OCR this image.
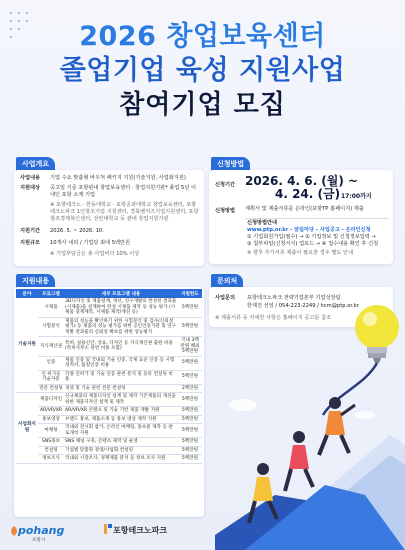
2026 창업보육센터
졸업기업 육성 지원사업
참여기업 모집
사업개요
사업내용	기업 수요 맞춤형 바우처 패키지 지원(기술지원, 사업화지원)
지원대상	공고일 기준 포항관내 창업보육센터 · 창업지원기관* 졸업 5년 이내인 포항 소재 기업
※ 포항테크노 · 한동대학교 · 포항공과대학교 창업보육센터, 포항테크노파크 1인창조기업 지원센터, 경북벤처즈기업지원센터, 포항창조경제혁신센터, 선린대학교 등 관내 창업지원기관
지원기간	2026. 5. ~ 2026. 10.
지원규모	10개사 내외 / 기업당 최대 5백만원
※ 기업부담금은 총 사업비의 10% 이상
신청방법
신청기간 2026. 4. 6. (월) ~
4. 24. (금) 17:00까지
신청방법 계획서 및 제출서류를 온라인(포항TP 홈페이지) 제출
신청방법안내
www.ptp.or.kr - 알림마당 - 사업공고 - 온라인신청
① 기업회원가입(필수) → ② 기업정보 및 신청정보입력 →
③ 첨부파일(신청서식) 업로드 → ④ 접수내용 확인 후 신청
※ 향후 추가서류 제출이 필요한 경우 별도 안내
지원내용
분야	프로그램	세부 프로그램 내용	지원한도
기술지원	시제품	3D디자인 및 제품설계, 개선, 연구개발의 완성된 결과물(시제품)을 설계하여 완성 시제품 제작 등 성능 평가 (시제품 설계제작, 시제품 제작/개선 등)	5백만원
	시험분석	제품의 성능을 확인하기 위한 시험분석 및 검사(신뢰성 평가) 등 제품의 성능 평가를 위한 공인인증기관 및 연구개발 결과물의 신뢰성 확보를 위한 성능평가	5백만원
	지식재산권	특허, 실용신안, 상표, 디자인 등 지식재산권 출원 비용(특허사무소 관련 비용 포함)	국내 3백만원 해외 5백만원
	인증	제품 인증 및 국내외 기술 인증, 국제 표준 인증 등 시험성적서, 품질인증 비용	5백만원
	인·허가등 기술자문	각종 인허가 및 기술 인증 관련 분석 및 등록 컨설팅 비용	5백만원
	전문 컨설팅	경영 및 기술 관련 전문 컨설팅	2백만원
사업화지원	제품디자인	신규제품의 제품디자인 설계 및 제작 기존제품의 개선을 위한 제품디자인 설계 및 제작	5백만원
	AR/VR/XR	AR/VR/XR 콘텐츠 및 기술 기반 제품 개발 지원	5백만원
	홍보영상	브랜드 홍보, 제품소개 등 홍보 영상 제작 지원	5백만원
	마케팅	국내외 전시회 참가, 온라인 마케팅, 홍보물 제작 등 판로개척 지원	5백만원
	SNS홍보	SNS 채널 구축, 콘텐츠 제작 및 운영	5백만원
	컨설팅	기업별 맞춤형 경영/사업화 컨설팅	5백만원
	정보조사	국내외 시장조사, 경쟁제품 분석 등 정보 조사 지원	5백만원
문의처
사업문의 포항테크노파크 전략기업본부 기업성장팀
한재진 선임 / 054-223-2249 / hcm@ptp.or.kr
※ 제출서류 등 자세한 사항은 홈페이지 공고문 참조
pohang
포항시
포항테크노파크
